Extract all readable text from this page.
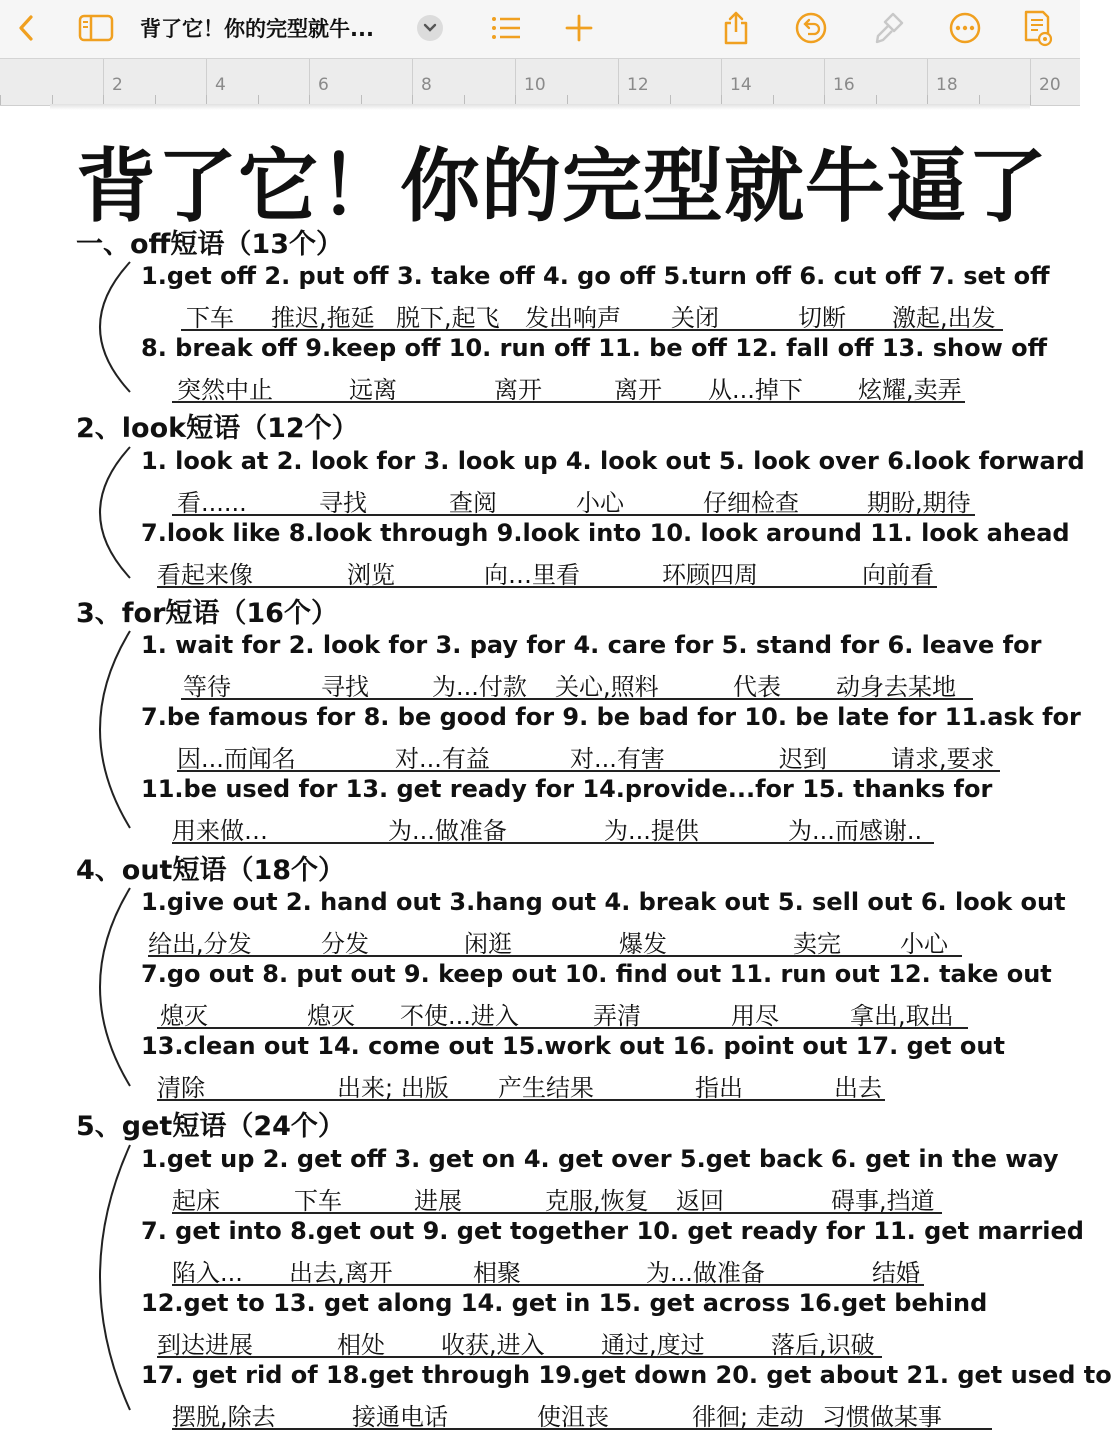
背了它！你的完型就牛...
2	4	6	8	10	12	14	16	18	20
背了它！你的完型就牛逼了
一、off短语（13个）
1.get off 2. put off 3. take off 4. go off 5.turn off 6. cut off 7. set off
下车 推迟,拖延 脱下,起飞 发出响声 关闭	切断 激起,出发
8. break off 9.keep off 10. run off 11. be off 12. fall off 13. show off
突然中止	远离	离开	离开 从...掉下 炫耀,卖弄
2、look短语（12个）
1. look at 2. look for 3. look up 4. look out 5. look over 6.look forward
看......	寻找	查阅	小心	仔细检查	期盼,期待
7.look like 8.look through 9.look into 10. look around 11. look ahead
看起来像	浏览	向…里看	环顾四周	向前看
3、for短语（16个）
1. wait for 2. look for 3. pay for 4. care for 5. stand for 6. leave for
等待	寻找	为...付款 关心,照料	代表 动身去某地
7.be famous for 8. be good for 9. be bad for 10. be late for 11.ask for
因...而闻名	对...有益	对...有害	迟到	请求,要求
11.be used for 13. get ready for 14.provide...for 15. thanks for
用来做…	为...做准备	为...提供	为...而感谢..
4、out短语（18个）
1.give out 2. hand out 3.hang out 4. break out 5. sell out 6. look out
给出,分发	分发	闲逛	爆发	卖完 小心
7.go out 8. put out 9. keep out 10. find out 11. run out 12. take out
熄灭	熄灭 不使...进入	弄清	用尽	拿出,取出
13.clean out 14. come out 15.work out 16. point out 17. get out
清除	出来; 出版 产生结果	指出	出去
5、get短语（24个）
1.get up 2. get off 3. get on 4. get over 5.get back 6. get in the way
起床	下车	进展	克服,恢复 返回	碍事,挡道
7. get into 8.get out 9. get together 10. get ready for 11. get married
陷入... 出去,离开	相聚	为...做准备	结婚
12.get to 13. get along 14. get in 15. get across 16.get behind
到达进展	相处 收获,进入 通过,度过	落后,识破
17. get rid of 18.get through 19.get down 20. get about 21. get used to
摆脱,除去	接通电话	使沮丧	徘徊; 走动 习惯做某事
